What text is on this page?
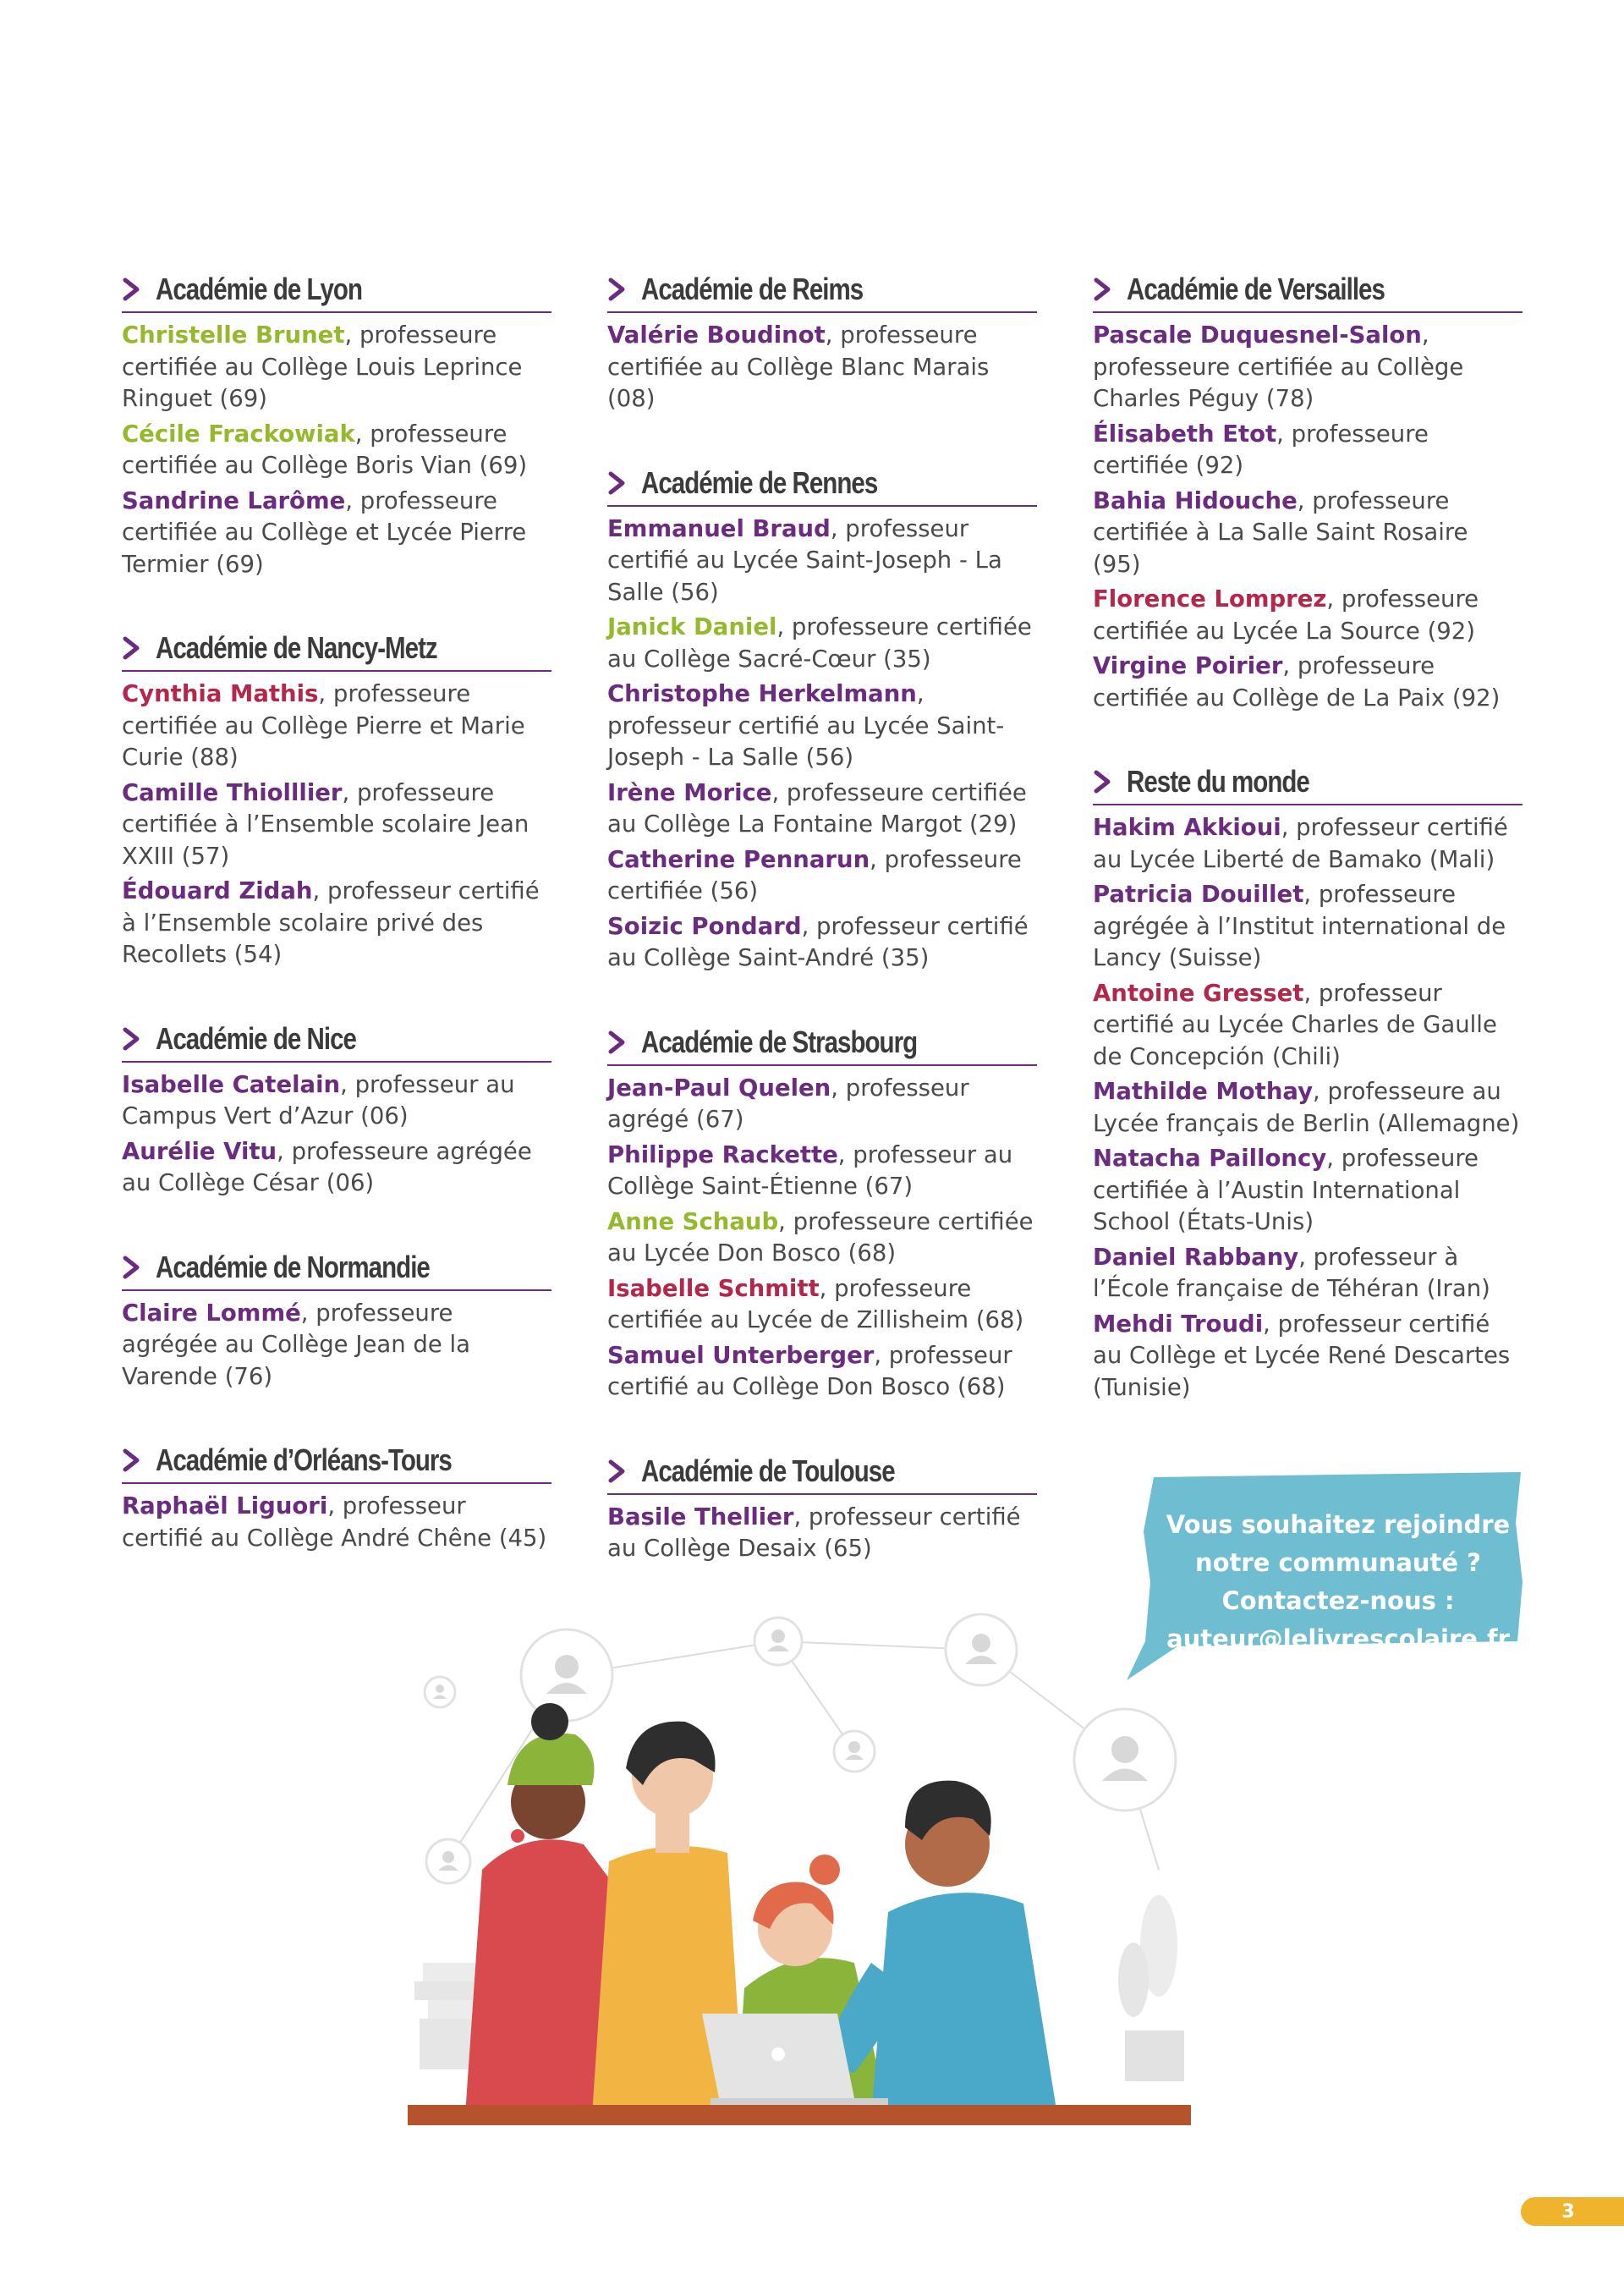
Académie de Lyon
Christelle Brunet, professeure certifiée au Collège Louis Leprince Ringuet (69)
Cécile Frackowiak, professeure certifiée au Collège Boris Vian (69)
Sandrine Larôme, professeure certifiée au Collège et Lycée Pierre Termier (69)
Académie de Nancy-Metz
Cynthia Mathis, professeure certifiée au Collège Pierre et Marie Curie (88)
Camille Thiolllier, professeure certifiée à l’Ensemble scolaire Jean XXIII (57)
Édouard Zidah, professeur certifié à l’Ensemble scolaire privé des Recollets (54)
Académie de Nice
Isabelle Catelain, professeur au Campus Vert d’Azur (06)
Aurélie Vitu, professeure agrégée au Collège César (06)
Académie de Normandie
Claire Lommé, professeure agrégée au Collège Jean de la Varende (76)
Académie d’Orléans-Tours
Raphaël Liguori, professeur certifié au Collège André Chêne (45)
Académie de Reims
Valérie Boudinot, professeure certifiée au Collège Blanc Marais (08)
Académie de Rennes
Emmanuel Braud, professeur certifié au Lycée Saint-Joseph - La Salle (56)
Janick Daniel, professeure certifiée au Collège Sacré-Cœur (35)
Christophe Herkelmann, professeur certifié au Lycée Saint-Joseph - La Salle (56)
Irène Morice, professeure certifiée au Collège La Fontaine Margot (29)
Catherine Pennarun, professeure certifiée (56)
Soizic Pondard, professeur certifié au Collège Saint-André (35)
Académie de Strasbourg
Jean-Paul Quelen, professeur agrégé (67)
Philippe Rackette, professeur au Collège Saint-Étienne (67)
Anne Schaub, professeure certifiée au Lycée Don Bosco (68)
Isabelle Schmitt, professeure certifiée au Lycée de Zillisheim (68)
Samuel Unterberger, professeur certifié au Collège Don Bosco (68)
Académie de Toulouse
Basile Thellier, professeur certifié au Collège Desaix (65)
Académie de Versailles
Pascale Duquesnel-Salon, professeure certifiée au Collège Charles Péguy (78)
Élisabeth Etot, professeure certifiée (92)
Bahia Hidouche, professeure certifiée à La Salle Saint Rosaire (95)
Florence Lomprez, professeure certifiée au Lycée La Source (92)
Virgine Poirier, professeure certifiée au Collège de La Paix (92)
Reste du monde
Hakim Akkioui, professeur certifié au Lycée Liberté de Bamako (Mali)
Patricia Douillet, professeure agrégée à l’Institut international de Lancy (Suisse)
Antoine Gresset, professeur certifié au Lycée Charles de Gaulle de Concepción (Chili)
Mathilde Mothay, professeure au Lycée français de Berlin (Allemagne)
Natacha Pailloncy, professeure certifiée à l’Austin International School (États-Unis)
Daniel Rabbany, professeur à l’École française de Téhéran (Iran)
Mehdi Troudi, professeur certifié au Collège et Lycée René Descartes (Tunisie)
Vous souhaitez rejoindre
notre communauté ?
Contactez-nous :
auteur@lelivrescolaire.fr
3
